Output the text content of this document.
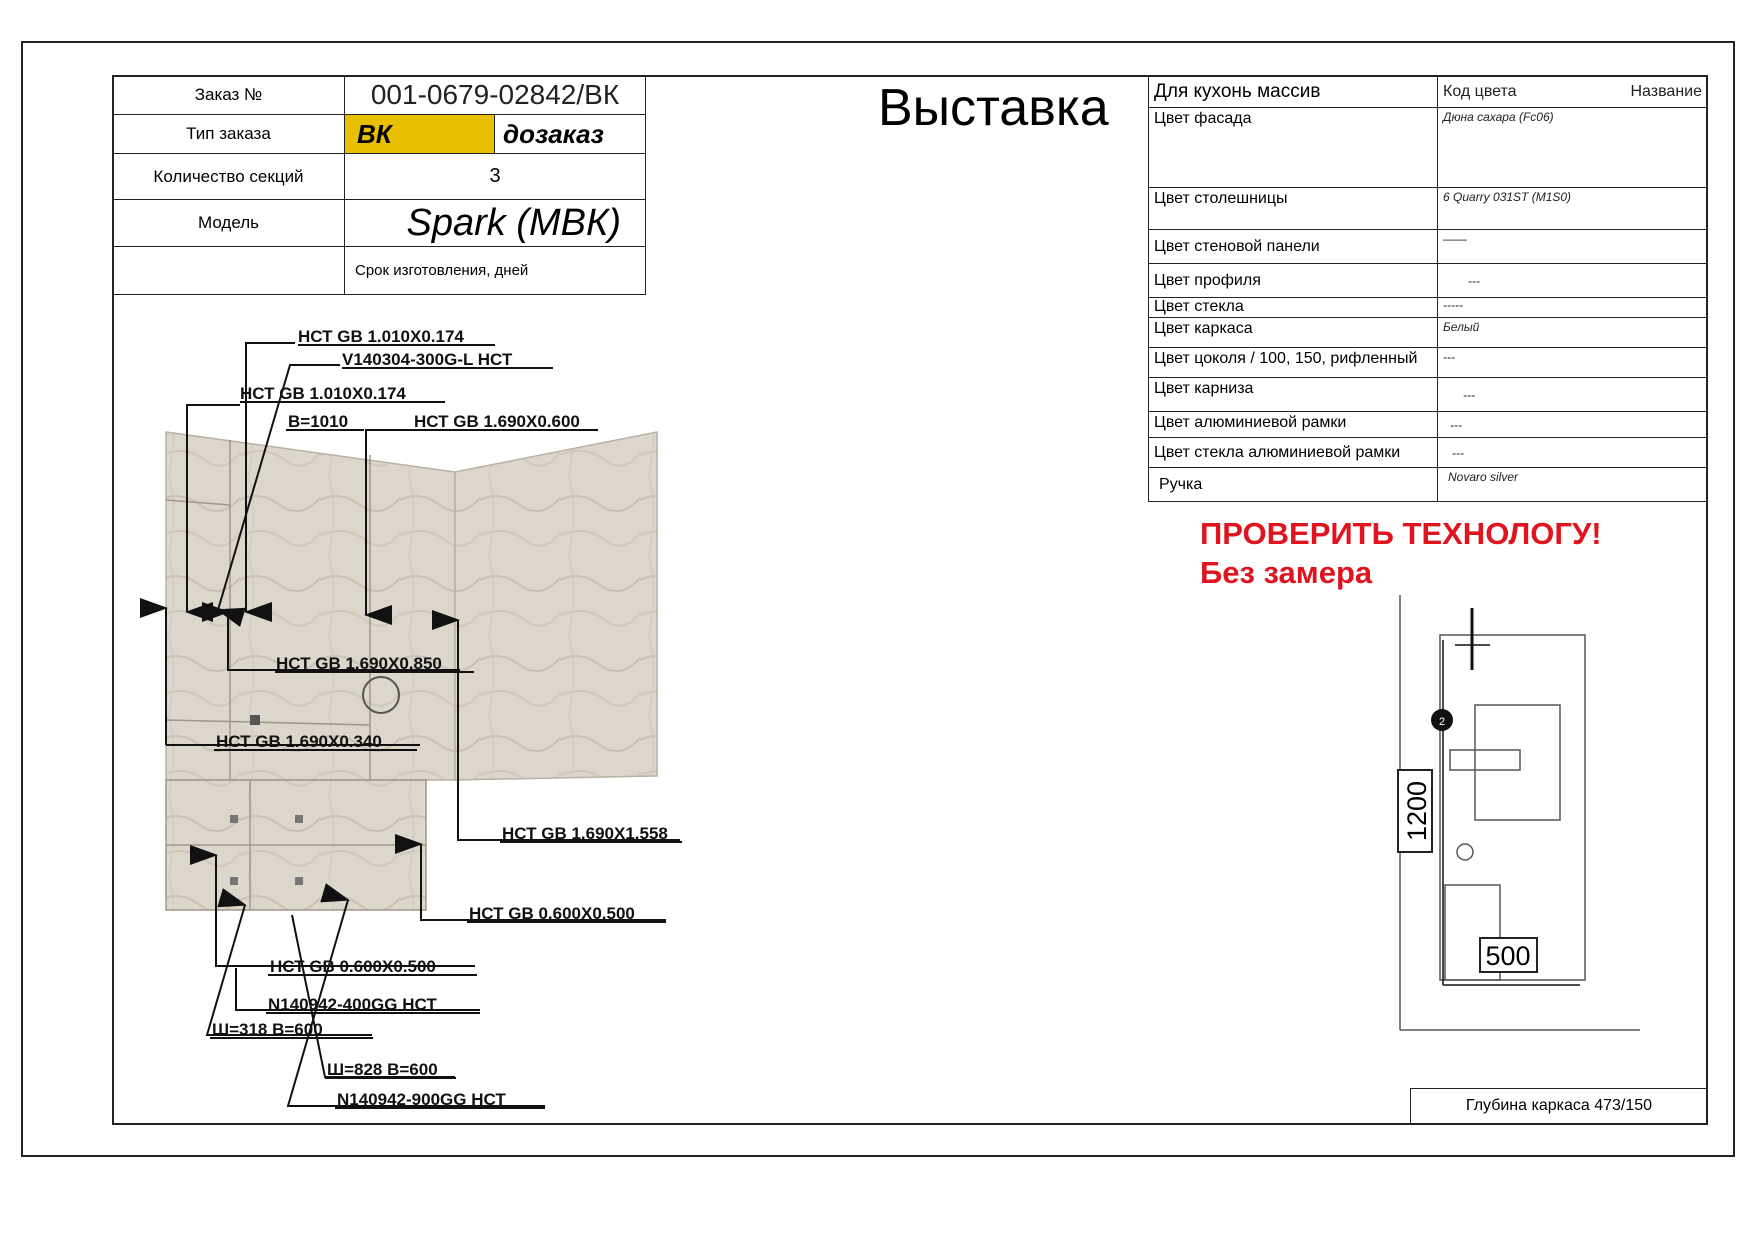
Заказ №	001-0679-02842/ВК	
Тип заказа	ВК	дозаказ
Количество секций	3	
Модель	Spark (МВК)	
	Срок изготовления, дней	
Выставка Для кухонь массив	Код цвета Название

Цвет фасада	Дюна сахара (Fc06)
Цвет столешницы	6 Quarry 031ST (M1S0)
Цвет стеновой панели	——
Цвет профиля	---
Цвет стекла	-----
Цвет каркаса	Белый
Цвет цоколя / 100, 150, рифленный	---
Цвет карниза	---
Цвет алюминиевой рамки	---
Цвет стекла алюминиевой рамки	---
Ручка	Novaro silver
ПРОВЕРИТЬ ТЕХНОЛОГУ!
Без замера
НСТ GB 1.010X0.174
V140304-300G-L НСТ
НСТ GB 1.010X0.174
В=1010	НСТ GB 1.690X0.600
НСТ GB 1.690X0.850
НСТ GB 1.690X0.340
НСТ GB 1.690X1.558
НСТ GB 0.600X0.500
НСТ GB 0.600X0.500
N140942-400GG НСТ
Ш=318 В=600
Ш=828 В=600
N140942-900GG НСТ
2
1200
500
Глубина каркаса 473/150
